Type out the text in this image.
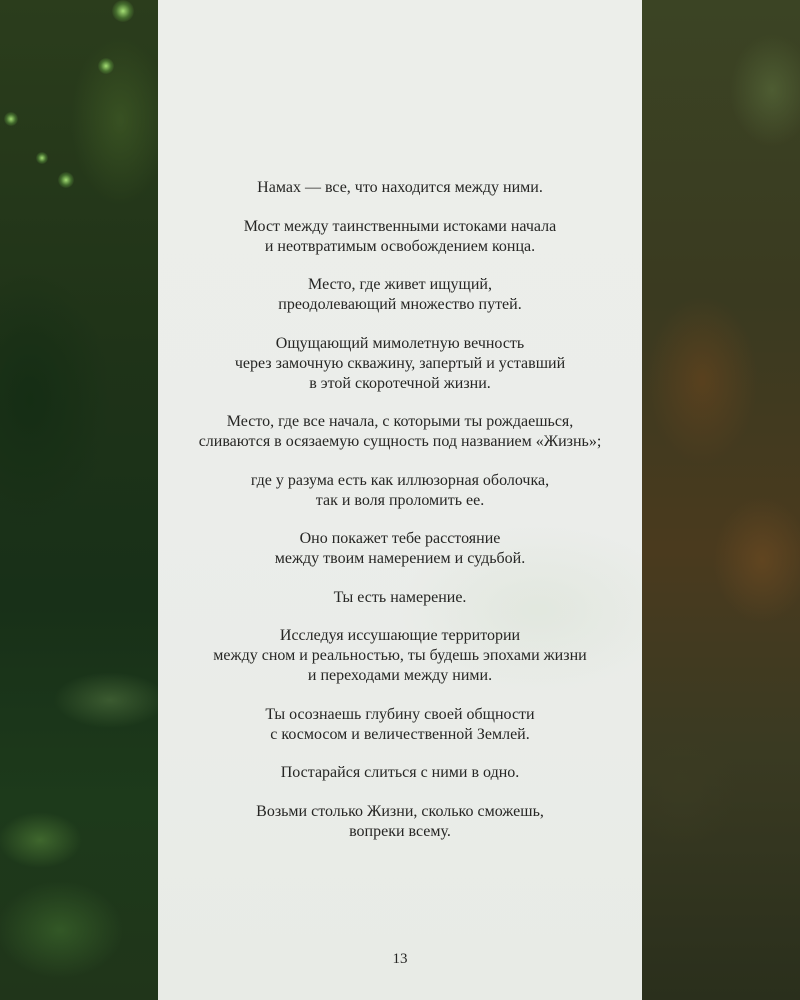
Намах — все, что находится между ними.
Мост между таинственными истоками начала
и неотвратимым освобождением конца.
Место, где живет ищущий,
преодолевающий множество путей.
Ощущающий мимолетную вечность
через замочную скважину, запертый и уставший
в этой скоротечной жизни.
Место, где все начала, с которыми ты рождаешься,
сливаются в осязаемую сущность под названием «Жизнь»;
где у разума есть как иллюзорная оболочка,
так и воля проломить ее.
Оно покажет тебе расстояние
между твоим намерением и судьбой.
Ты есть намерение.
Исследуя иссушающие территории
между сном и реальностью, ты будешь эпохами жизни
и переходами между ними.
Ты осознаешь глубину своей общности
с космосом и величественной Землей.
Постарайся слиться с ними в одно.
Возьми столько Жизни, сколько сможешь,
вопреки всему.
13
